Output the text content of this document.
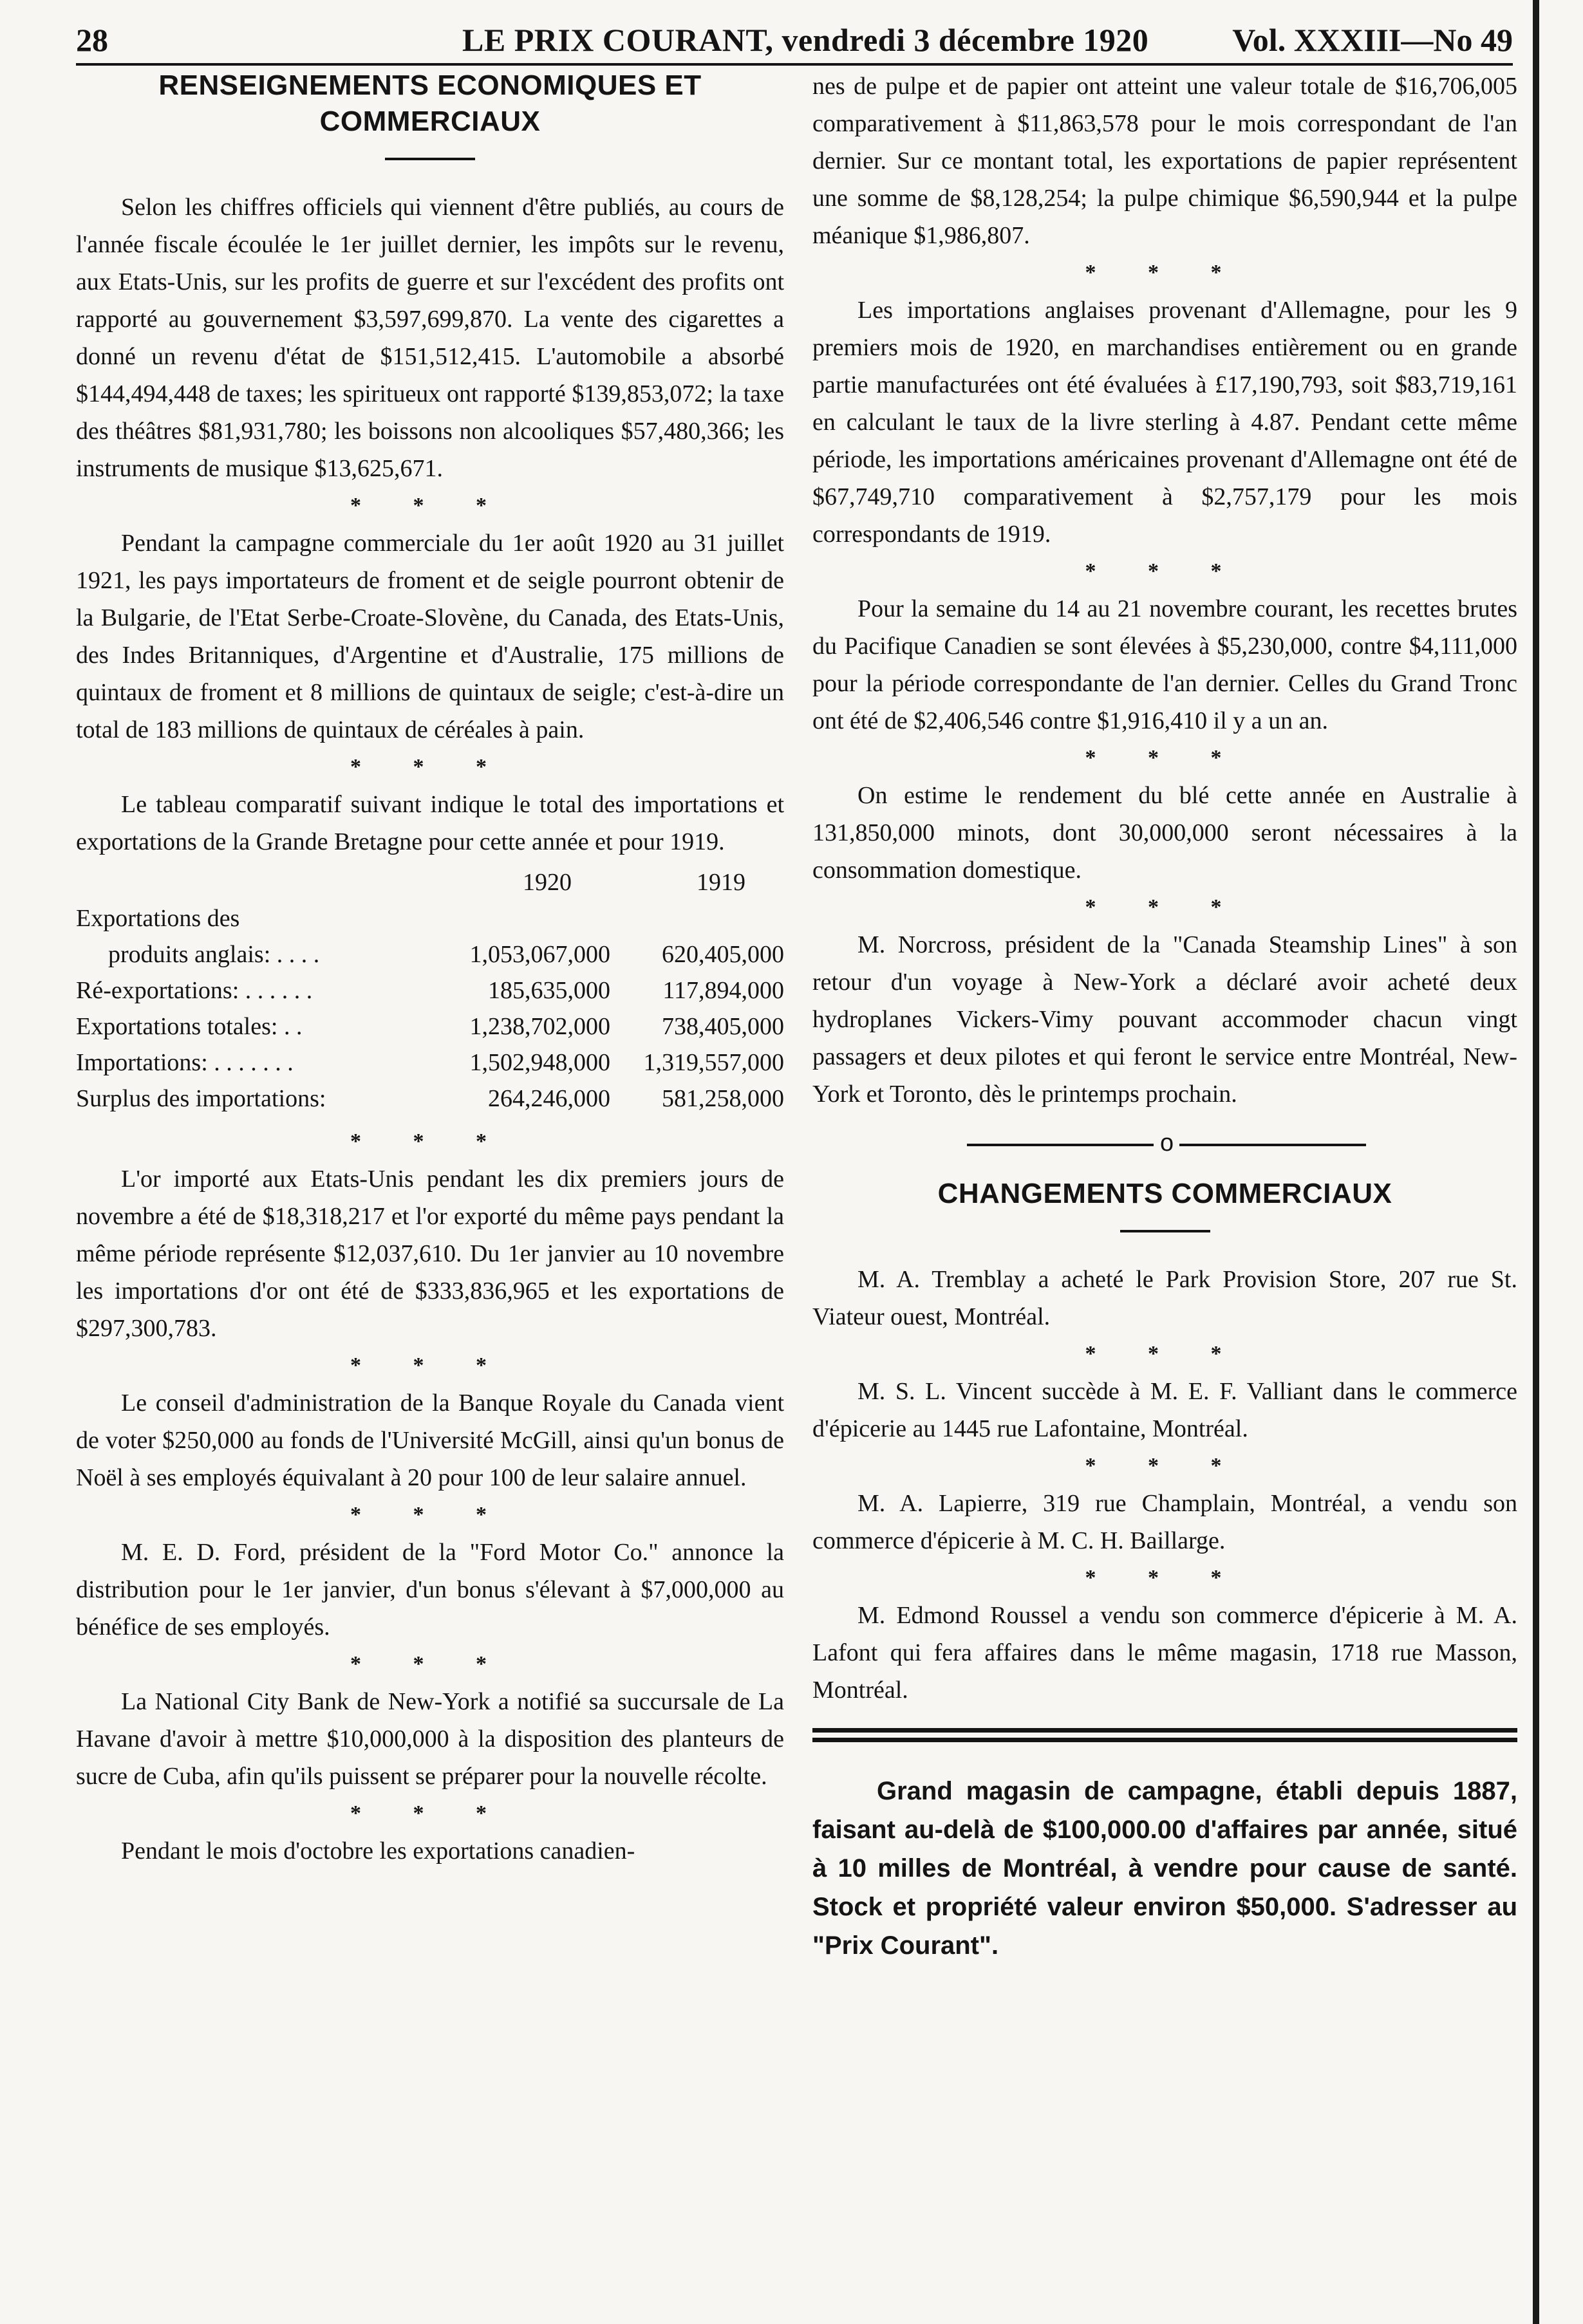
28	LE PRIX COURANT, vendredi 3 décembre 1920	Vol. XXXIII—No 49
RENSEIGNEMENTS ECONOMIQUES ET COMMERCIAUX

Selon les chiffres officiels qui viennent d'être publiés, au cours de l'année fiscale écoulée le 1er juillet dernier, les impôts sur le revenu, aux Etats-Unis, sur les profits de guerre et sur l'excédent des profits ont rapporté au gouvernement $3,597,699,870. La vente des cigarettes a donné un revenu d'état de $151,512,415. L'automobile a absorbé $144,494,448 de taxes; les spiritueux ont rapporté $139,853,072; la taxe des théâtres $81,931,780; les boissons non alcooliques $57,480,366; les instruments de musique $13,625,671.

* * *

Pendant la campagne commerciale du 1er août 1920 au 31 juillet 1921, les pays importateurs de froment et de seigle pourront obtenir de la Bulgarie, de l'Etat Serbe-Croate-Slovène, du Canada, des Etats-Unis, des Indes Britanniques, d'Argentine et d'Australie, 175 millions de quintaux de froment et 8 millions de quintaux de seigle; c'est-à-dire un total de 183 millions de quintaux de céréales à pain.

* * *

Le tableau comparatif suivant indique le total des importations et exportations de la Grande Bretagne pour cette année et pour 1919.

	1920	1919
Exportations des		
produits anglais: . . . .	1,053,067,000	620,405,000
Ré-exportations: . . . . . .	185,635,000	117,894,000
Exportations totales: . .	1,238,702,000	738,405,000
Importations: . . . . . . .	1,502,948,000	1,319,557,000
Surplus des importations:	264,246,000	581,258,000
* * *

L'or importé aux Etats-Unis pendant les dix premiers jours de novembre a été de $18,318,217 et l'or exporté du même pays pendant la même période représente $12,037,610. Du 1er janvier au 10 novembre les importations d'or ont été de $333,836,965 et les exportations de $297,300,783.

* * *

Le conseil d'administration de la Banque Royale du Canada vient de voter $250,000 au fonds de l'Université McGill, ainsi qu'un bonus de Noël à ses employés équivalant à 20 pour 100 de leur salaire annuel.

* * *

M. E. D. Ford, président de la "Ford Motor Co." annonce la distribution pour le 1er janvier, d'un bonus s'élevant à $7,000,000 au bénéfice de ses employés.

* * *

La National City Bank de New-York a notifié sa succursale de La Havane d'avoir à mettre $10,000,000 à la disposition des planteurs de sucre de Cuba, afin qu'ils puissent se préparer pour la nouvelle récolte.

* * *

Pendant le mois d'octobre les exportations canadien-

nes de pulpe et de papier ont atteint une valeur totale de $16,706,005 comparativement à $11,863,578 pour le mois correspondant de l'an dernier. Sur ce montant total, les exportations de papier représentent une somme de $8,128,254; la pulpe chimique $6,590,944 et la pulpe méanique $1,986,807.

* * *

Les importations anglaises provenant d'Allemagne, pour les 9 premiers mois de 1920, en marchandises entièrement ou en grande partie manufacturées ont été évaluées à £17,190,793, soit $83,719,161 en calculant le taux de la livre sterling à 4.87. Pendant cette même période, les importations américaines provenant d'Allemagne ont été de $67,749,710 comparativement à $2,757,179 pour les mois correspondants de 1919.

* * *

Pour la semaine du 14 au 21 novembre courant, les recettes brutes du Pacifique Canadien se sont élevées à $5,230,000, contre $4,111,000 pour la période correspondante de l'an dernier. Celles du Grand Tronc ont été de $2,406,546 contre $1,916,410 il y a un an.

* * *

On estime le rendement du blé cette année en Australie à 131,850,000 minots, dont 30,000,000 seront nécessaires à la consommation domestique.

* * *

M. Norcross, président de la "Canada Steamship Lines" à son retour d'un voyage à New-York a déclaré avoir acheté deux hydroplanes Vickers-Vimy pouvant accommoder chacun vingt passagers et deux pilotes et qui feront le service entre Montréal, New-York et Toronto, dès le printemps prochain.

o
CHANGEMENTS COMMERCIAUX

M. A. Tremblay a acheté le Park Provision Store, 207 rue St. Viateur ouest, Montréal.

* * *

M. S. L. Vincent succède à M. E. F. Valliant dans le commerce d'épicerie au 1445 rue Lafontaine, Montréal.

* * *

M. A. Lapierre, 319 rue Champlain, Montréal, a vendu son commerce d'épicerie à M. C. H. Baillarge.

* * *

M. Edmond Roussel a vendu son commerce d'épicerie à M. A. Lafont qui fera affaires dans le même magasin, 1718 rue Masson, Montréal.

Grand magasin de campagne, établi depuis 1887, faisant au-delà de $100,000.00 d'affaires par année, situé à 10 milles de Montréal, à vendre pour cause de santé. Stock et propriété valeur environ $50,000. S'adresser au "Prix Courant".
